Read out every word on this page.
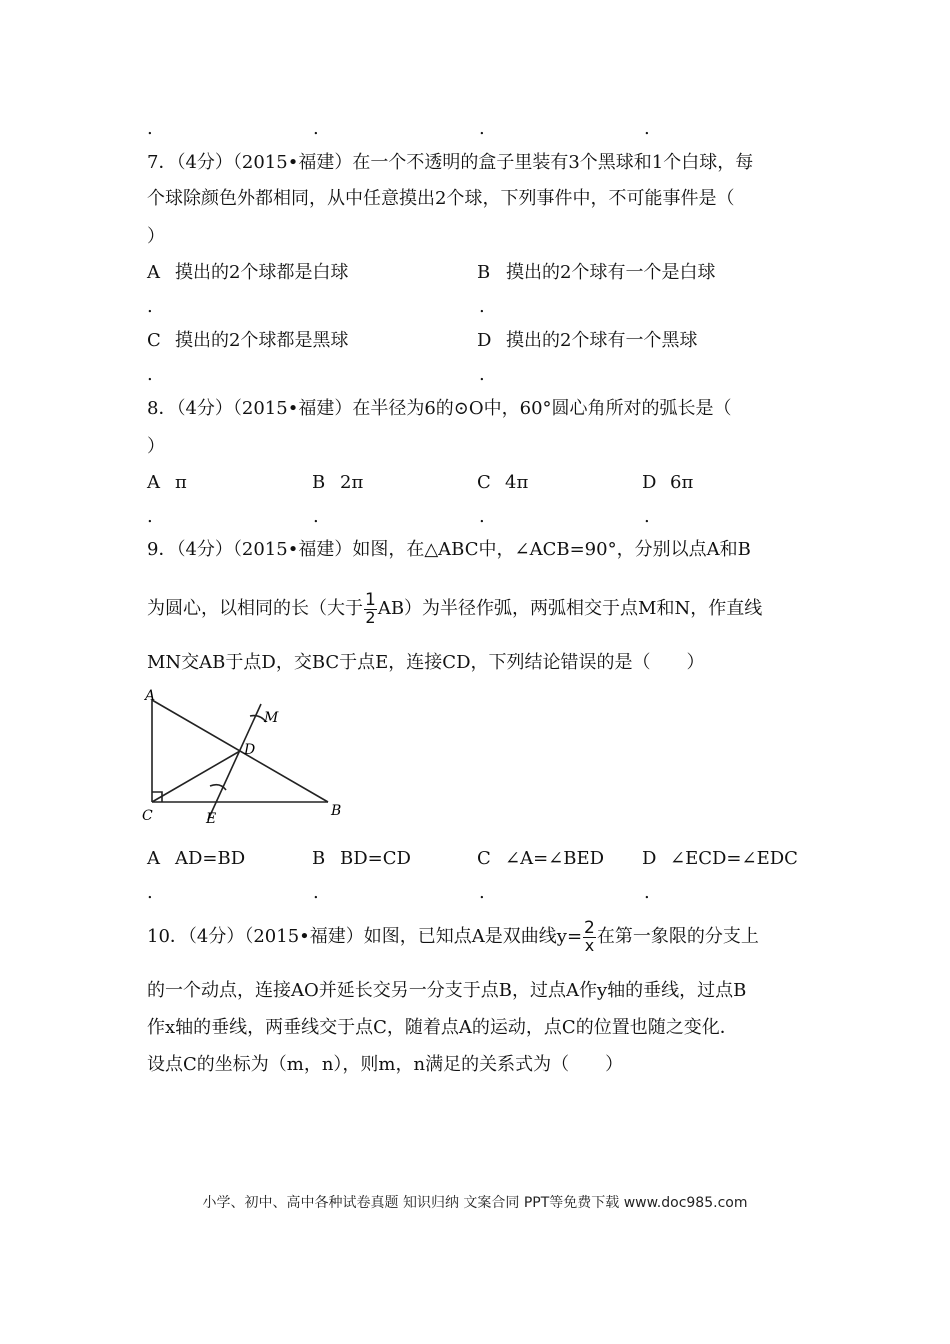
.	.	.	.
7．（4分）（2015•福建）在一个不透明的盒子里装有3个黑球和1个白球，每
个球除颜色外都相同，从中任意摸出2个球，下列事件中，不可能事件是（
）
A 摸出的2个球都是白球	B 摸出的2个球有一个是白球
.	.
C 摸出的2个球都是黑球	D 摸出的2个球有一个黑球
.	.
8．（4分）（2015•福建）在半径为6的⊙O中，60°圆心角所对的弧长是（
）
A π	B 2π	C 4π	D 6π
.	.	.	.
9．（4分）（2015•福建）如图，在△ABC中，∠ACB=90°，分别以点A和B
为圆心，以相同的长（大于 $\frac{1}{2} AB$）为半径作弧，两弧相交于点M和N，作直线
MN交AB于点D，交BC于点E，连接CD，下列结论错误的是（　　）
A
M
D
C	E	B
A AD=BD	B BD=CD	C ∠A=∠BED D ∠ECD=∠EDC
.	.	.	.
10．（4分）（2015•福建）如图，已知点A是双曲线$y= \frac{2}{x}$ 在第一象限的分支上
的一个动点，连接AO并延长交另一分支于点B，过点A作y轴的垂线，过点B
作x轴的垂线，两垂线交于点C，随着点A的运动，点C的位置也随之变化．
设点C的坐标为（m，n），则m，n满足的关系式为（　　）
小学、初中、高中各种试卷真题 知识归纳 文案合同 PPT等免费下载 www.doc985.com
